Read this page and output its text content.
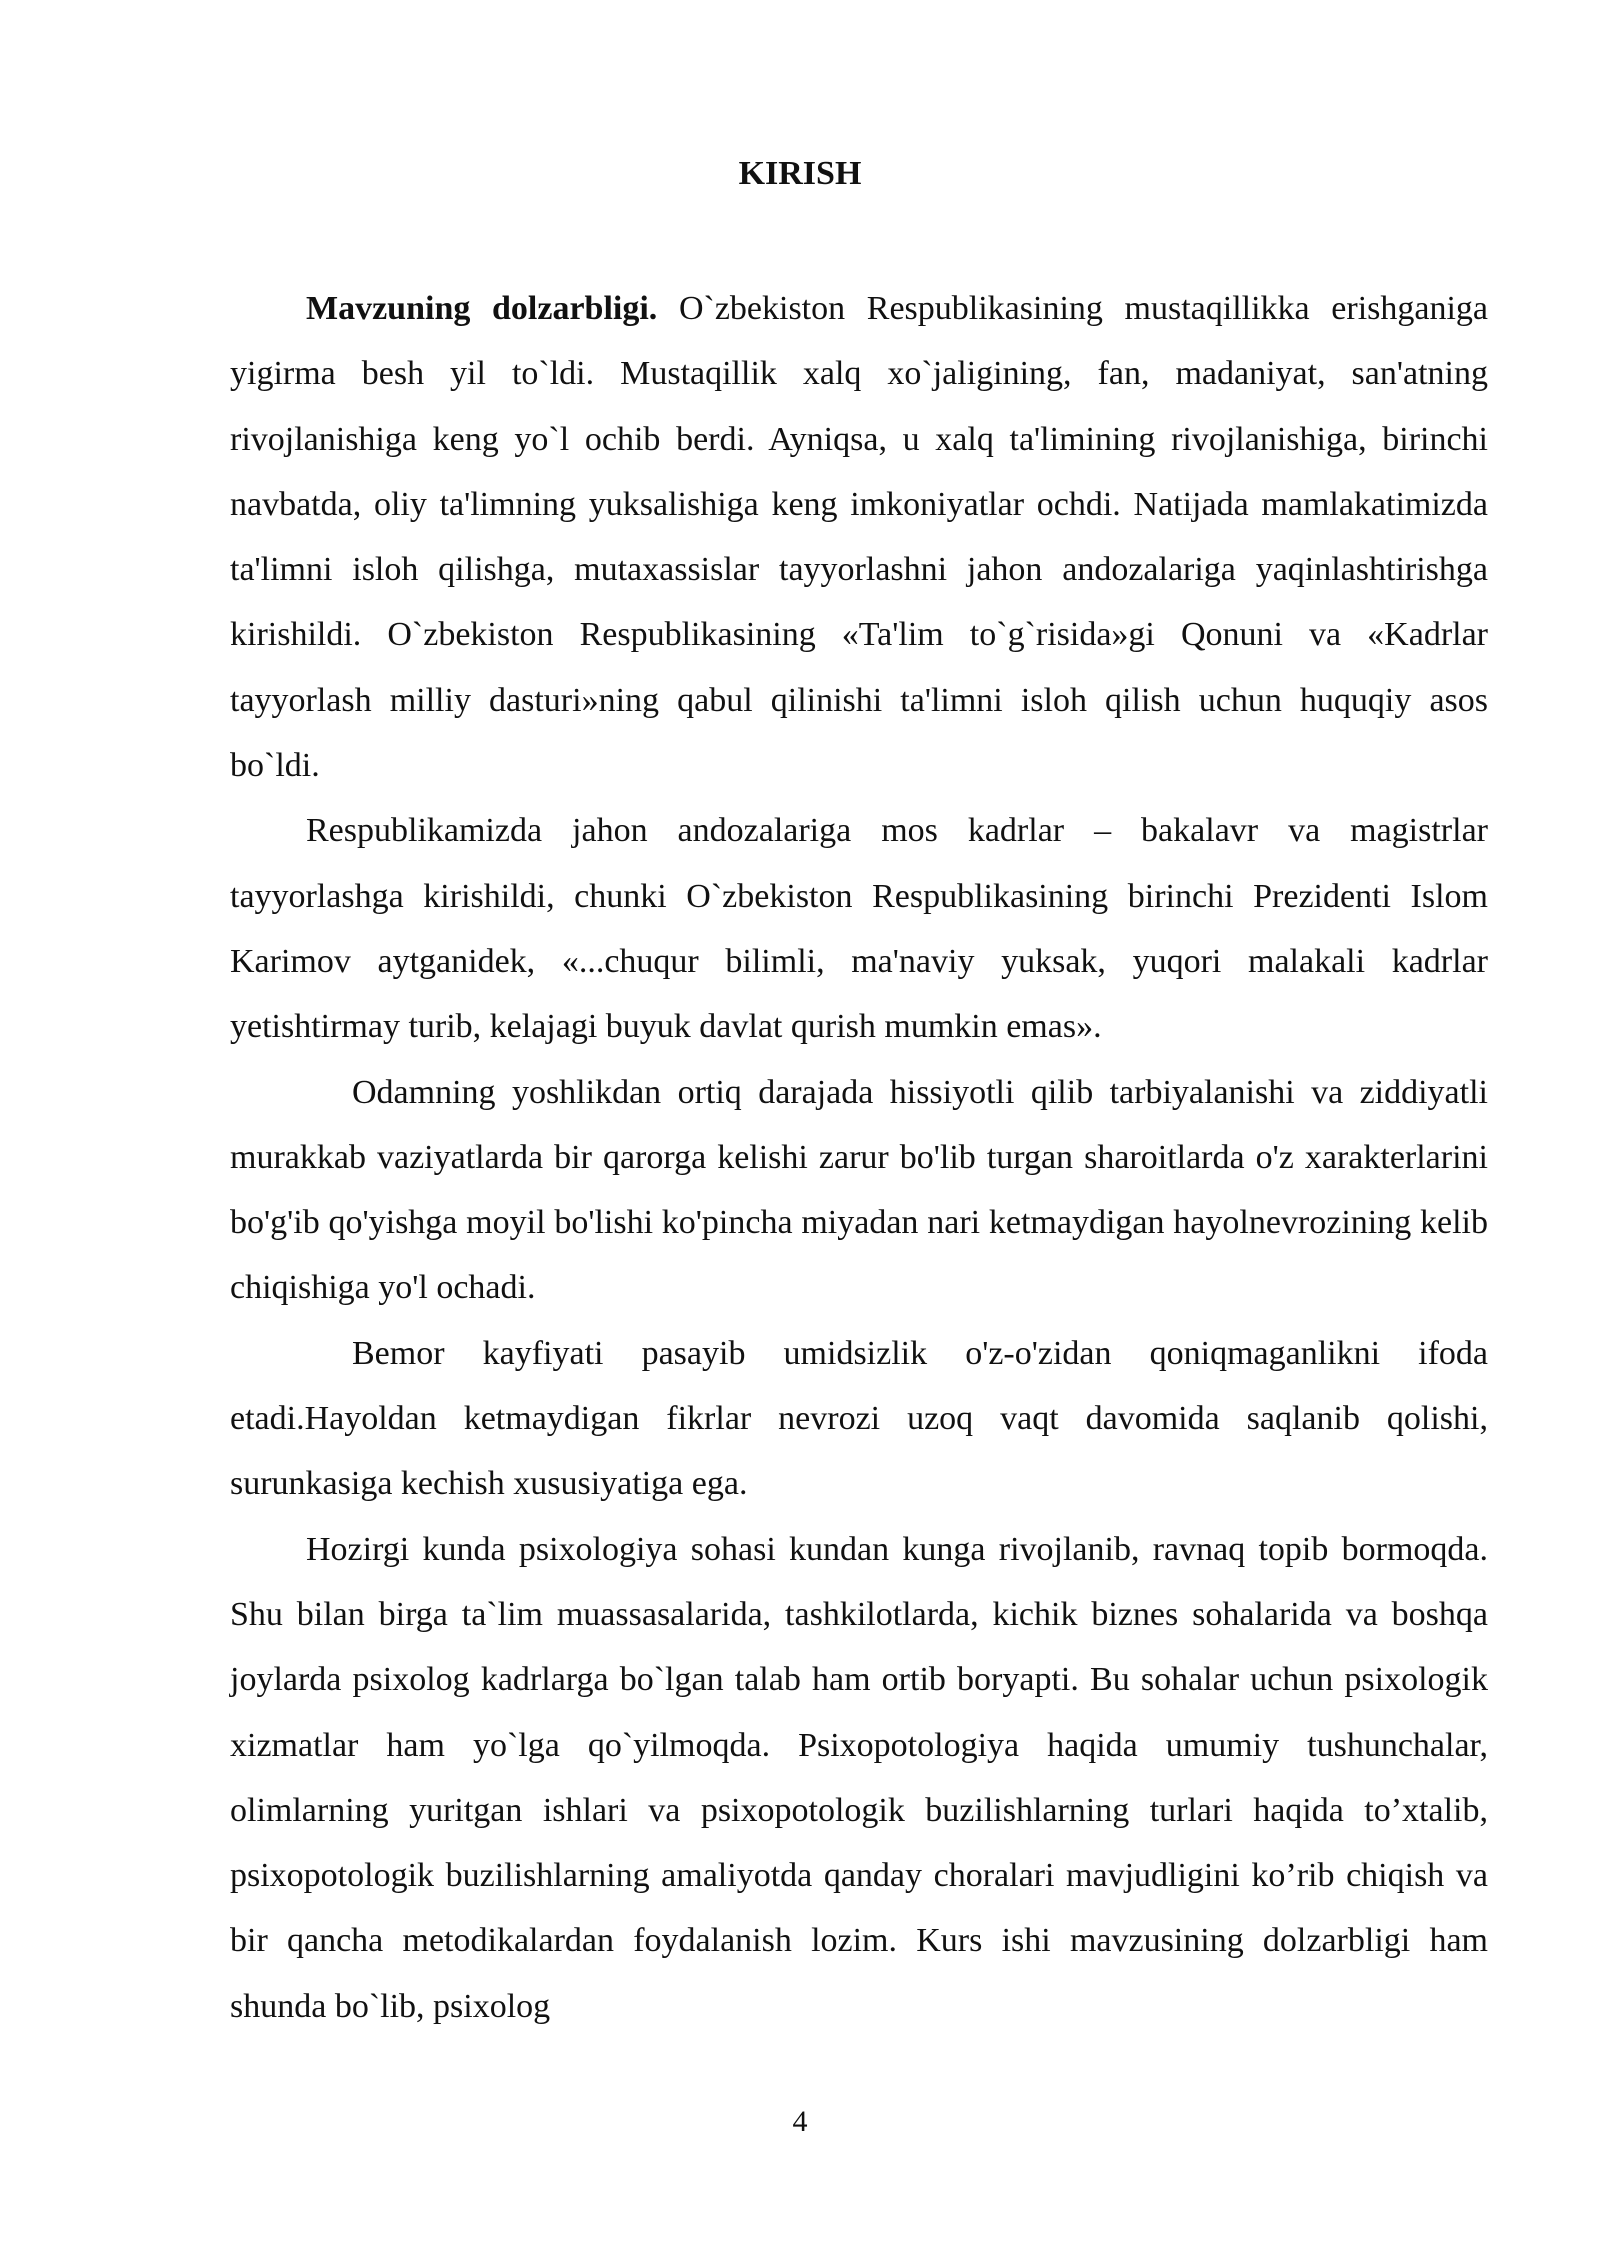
KIRISH

Mavzuning dolzarbligi. O`zbekiston Respublikasining mustaqillikka erishganiga yigirma besh yil to`ldi. Mustaqillik xalq xo`jaligining, fan, madaniyat, san'atning rivojlanishiga keng yo`l ochib berdi. Ayniqsa, u xalq ta'limining rivojlanishiga, birinchi navbatda, oliy ta'limning yuksalishiga keng imkoniyatlar ochdi. Natijada mamlakatimizda ta'limni isloh qilishga, mutaxassislar tayyorlashni jahon andozalariga yaqinlashtirishga kirishildi. O`zbekiston Respublikasining «Ta'lim to`g`risida»gi Qonuni va «Kadrlar tayyorlash milliy dasturi»ning qabul qilinishi ta'limni isloh qilish uchun huquqiy asos bo`ldi.

Respublikamizda jahon andozalariga mos kadrlar – bakalavr va magistrlar tayyorlashga kirishildi, chunki O`zbekiston Respublikasining birinchi Prezidenti Islom Karimov aytganidek, «...chuqur bilimli, ma'naviy yuksak, yuqori malakali kadrlar yetishtirmay turib, kelajagi buyuk davlat qurish mumkin emas».

Odamning yoshlikdan ortiq darajada hissiyotli qilib tarbiyalanishi va ziddiyatli murakkab vaziyatlarda bir qarorga kelishi zarur bo'lib turgan sharoitlarda o'z xarakterlarini bo'g'ib qo'yishga moyil bo'lishi ko'pincha miyadan nari ketmaydigan hayolnevrozining kelib chiqishiga yo'l ochadi.

Bemor kayfiyati pasayib umidsizlik o'z-o'zidan qoniqmaganlikni ifoda etadi.Hayoldan ketmaydigan fikrlar nevrozi uzoq vaqt davomida saqlanib qolishi, surunkasiga kechish xususiyatiga ega.

Hozirgi kunda psixologiya sohasi kundan kunga rivojlanib, ravnaq topib bormoqda. Shu bilan birga ta`lim muassasalarida, tashkilotlarda, kichik biznes sohalarida va boshqa joylarda psixolog kadrlarga bo`lgan talab ham ortib boryapti. Bu sohalar uchun psixologik xizmatlar ham yo`lga qo`yilmoqda. Psixopotologiya haqida umumiy tushunchalar, olimlarning yuritgan ishlari va psixopotologik buzilishlarning turlari haqida to’xtalib, psixopotologik buzilishlarning amaliyotda qanday choralari mavjudligini ko’rib chiqish va bir qancha metodikalardan foydalanish lozim. Kurs ishi mavzusining dolzarbligi ham shunda bo`lib, psixolog

4
